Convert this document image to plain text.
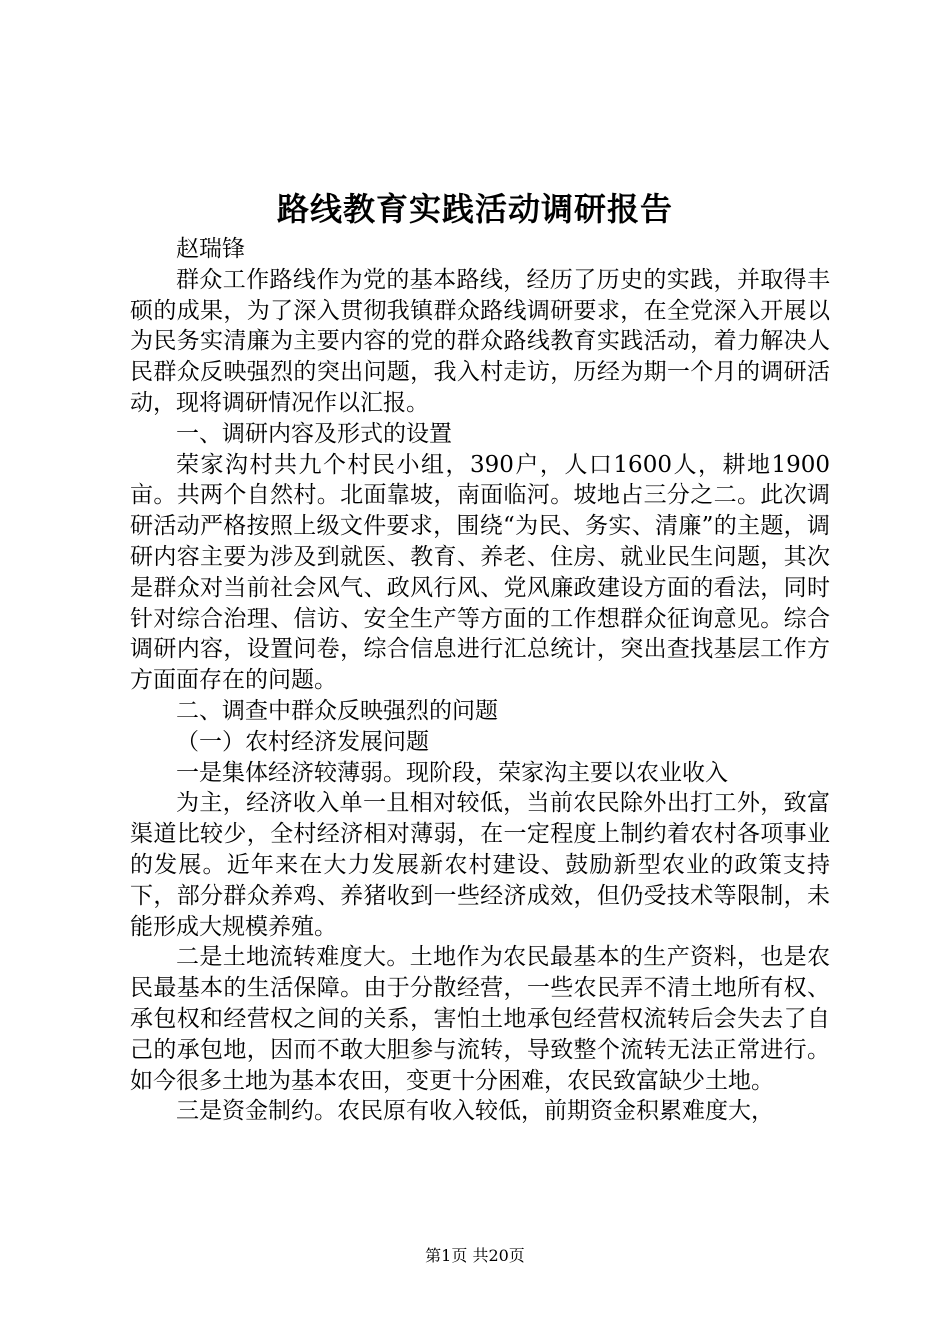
路线教育实践活动调研报告

赵瑞锋

群众工作路线作为党的基本路线，经历了历史的实践，并取得丰硕的成果，为了深入贯彻我镇群众路线调研要求，在全党深入开展以为民务实清廉为主要内容的党的群众路线教育实践活动，着力解决人民群众反映强烈的突出问题，我入村走访，历经为期一个月的调研活动，现将调研情况作以汇报。

一、调研内容及形式的设置

荣家沟村共九个村民小组，390户，人口1600人，耕地1900亩。共两个自然村。北面靠坡，南面临河。坡地占三分之二。此次调研活动严格按照上级文件要求，围绕“为民、务实、清廉”的主题，调研内容主要为涉及到就医、教育、养老、住房、就业民生问题，其次是群众对当前社会风气、政风行风、党风廉政建设方面的看法，同时针对综合治理、信访、安全生产等方面的工作想群众征询意见。综合调研内容，设置问卷，综合信息进行汇总统计，突出查找基层工作方方面面存在的问题。

二、调查中群众反映强烈的问题

（一）农村经济发展问题

一是集体经济较薄弱。现阶段，荣家沟主要以农业收入

为主，经济收入单一且相对较低，当前农民除外出打工外，致富渠道比较少，全村经济相对薄弱，在一定程度上制约着农村各项事业的发展。近年来在大力发展新农村建设、鼓励新型农业的政策支持下，部分群众养鸡、养猪收到一些经济成效，但仍受技术等限制，未能形成大规模养殖。

二是土地流转难度大。土地作为农民最基本的生产资料，也是农民最基本的生活保障。由于分散经营，一些农民弄不清土地所有权、承包权和经营权之间的关系，害怕土地承包经营权流转后会失去了自己的承包地，因而不敢大胆参与流转，导致整个流转无法正常进行。如今很多土地为基本农田，变更十分困难，农民致富缺少土地。

三是资金制约。农民原有收入较低，前期资金积累难度大，

第1页 共20页
